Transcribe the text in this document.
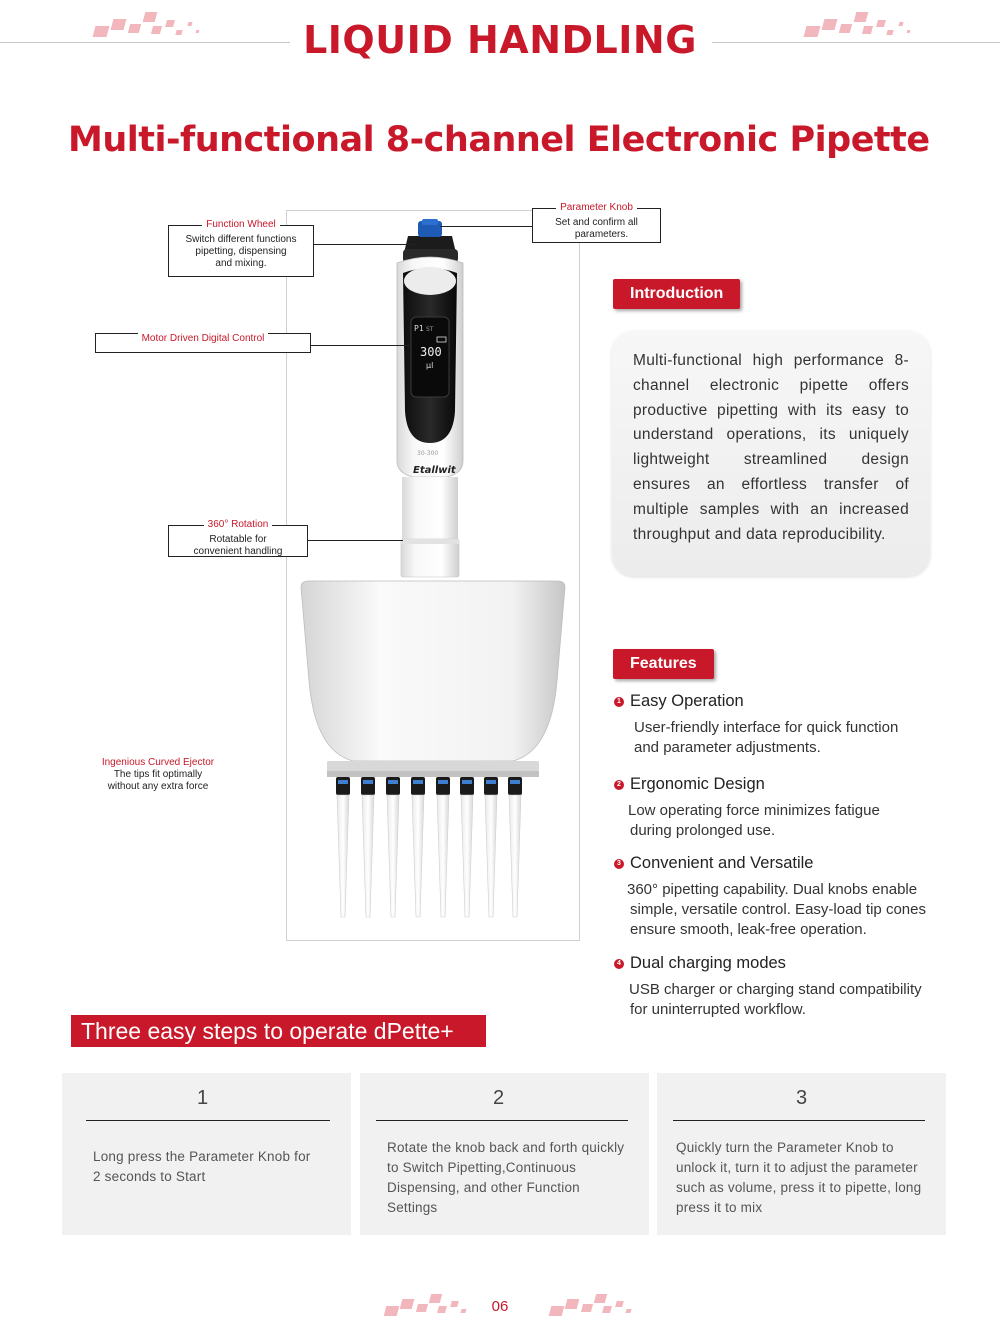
LIQUID HANDLING
Multi-functional 8-channel Electronic Pipette
P1 ST
300
μl
30-300
Etallwit
Function Wheel
Switch different functions
pipetting, dispensing
and mixing.
Parameter Knob
Set and confirm all
parameters.
Motor Driven Digital Control
360° Rotation
Rotatable for
convenient handling
Ingenious Curved Ejector
The tips fit optimally
without any extra force
Introduction
Multi-functional high performance 8-channel electronic pipette offers productive pipetting with its easy to understand operations, its uniquely lightweight streamlined design ensures an effortless transfer of multiple samples with an increased throughput and data reproducibility.
Features
1 Easy Operation
User-friendly interface for quick function
and parameter adjustments.
2 Ergonomic Design
Low operating force minimizes fatigue
during prolonged use.
3 Convenient and Versatile
360° pipetting capability. Dual knobs enable
simple, versatile control. Easy-load tip cones
ensure smooth, leak-free operation.
4 Dual charging modes
USB charger or charging stand compatibility
for uninterrupted workflow.
Three easy steps to operate dPette+
1
Long press the Parameter Knob for
2 seconds to Start
2
Rotate the knob back and forth quickly
to Switch Pipetting,Continuous
Dispensing, and other Function
Settings
3
Quickly turn the Parameter Knob to
unlock it, turn it to adjust the parameter
such as volume, press it to pipette, long
press it to mix
06
